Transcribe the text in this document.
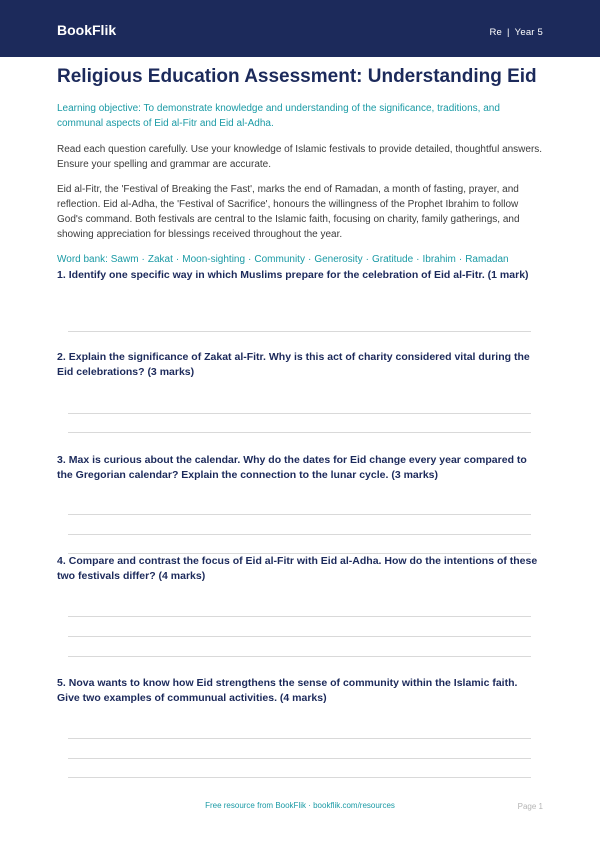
BookFlik	Re | Year 5
Religious Education Assessment: Understanding Eid

Learning objective: To demonstrate knowledge and understanding of the significance, traditions, and communal aspects of Eid al-Fitr and Eid al-Adha.

Read each question carefully. Use your knowledge of Islamic festivals to provide detailed, thoughtful answers. Ensure your spelling and grammar are accurate.

Eid al-Fitr, the 'Festival of Breaking the Fast', marks the end of Ramadan, a month of fasting, prayer, and reflection. Eid al-Adha, the 'Festival of Sacrifice', honours the willingness of the Prophet Ibrahim to follow God's command. Both festivals are central to the Islamic faith, focusing on charity, family gatherings, and showing appreciation for blessings received throughout the year.

Word bank: Sawm · Zakat · Moon-sighting · Community · Generosity · Gratitude · Ibrahim · Ramadan

1. Identify one specific way in which Muslims prepare for the celebration of Eid al-Fitr. (1 mark)
2. Explain the significance of Zakat al-Fitr. Why is this act of charity considered vital during the Eid celebrations? (3 marks)
3. Max is curious about the calendar. Why do the dates for Eid change every year compared to the Gregorian calendar? Explain the connection to the lunar cycle. (3 marks)
4. Compare and contrast the focus of Eid al-Fitr with Eid al-Adha. How do the intentions of these two festivals differ? (4 marks)
5. Nova wants to know how Eid strengthens the sense of community within the Islamic faith. Give two examples of communual activities. (4 marks)
Free resource from BookFlik · bookflik.com/resources	Page 1
